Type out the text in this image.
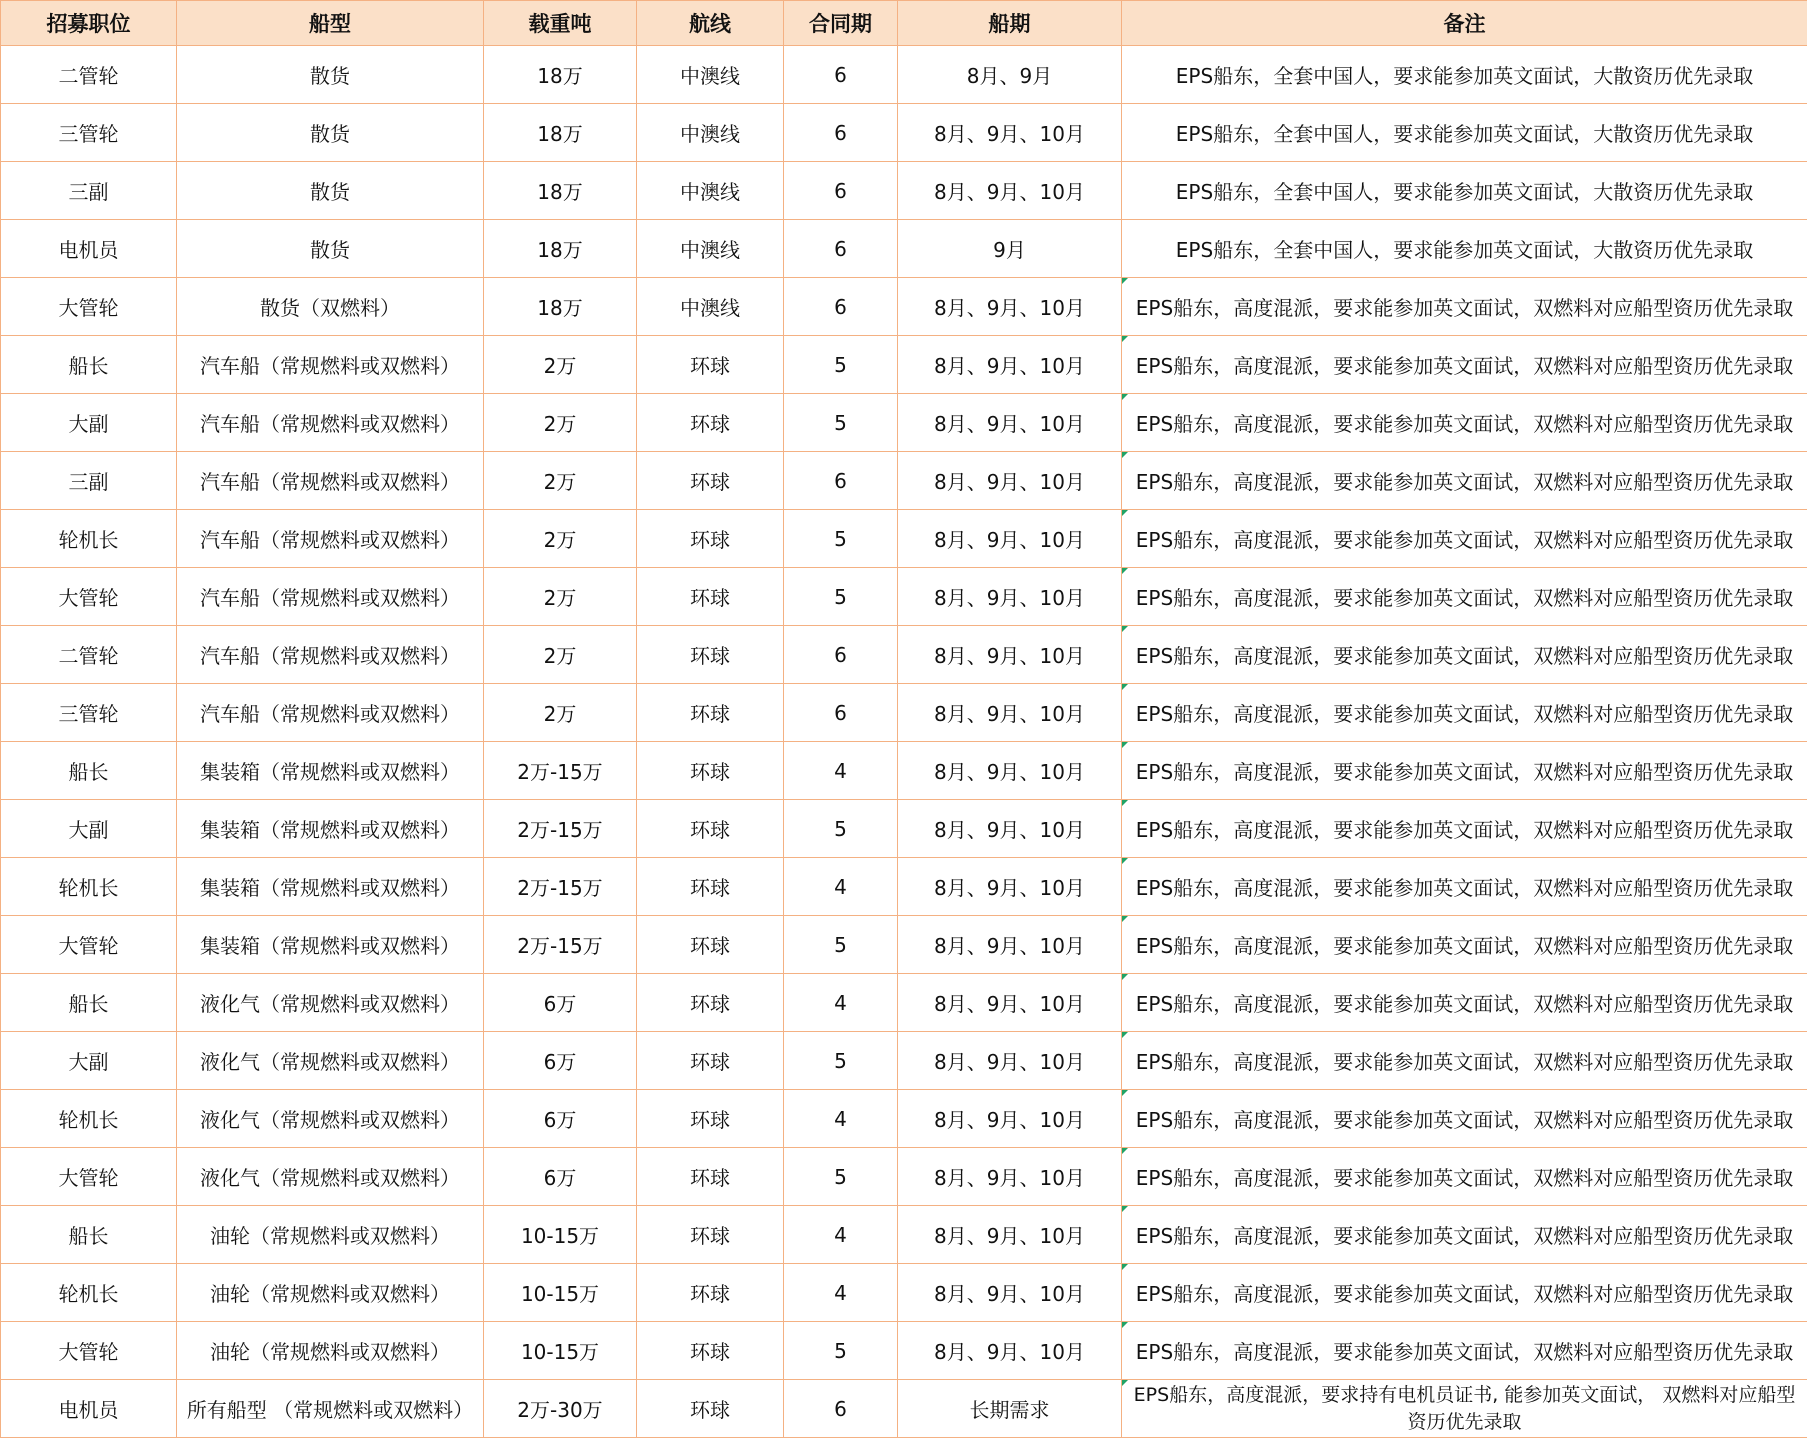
招募职位	船型	载重吨	航线	合同期	船期	备注
二管轮	散货	18万	中澳线	6	8月、9月	EPS船东，全套中国人，要求能参加英文面试，大散资历优先录取
三管轮	散货	18万	中澳线	6	8月、9月、10月	EPS船东，全套中国人，要求能参加英文面试，大散资历优先录取
三副	散货	18万	中澳线	6	8月、9月、10月	EPS船东，全套中国人，要求能参加英文面试，大散资历优先录取
电机员	散货	18万	中澳线	6	9月	EPS船东，全套中国人，要求能参加英文面试，大散资历优先录取
大管轮	散货（双燃料）	18万	中澳线	6	8月、9月、10月	EPS船东，高度混派，要求能参加英文面试，双燃料对应船型资历优先录取
船长	汽车船（常规燃料或双燃料）	2万	环球	5	8月、9月、10月	EPS船东，高度混派，要求能参加英文面试，双燃料对应船型资历优先录取
大副	汽车船（常规燃料或双燃料）	2万	环球	5	8月、9月、10月	EPS船东，高度混派，要求能参加英文面试，双燃料对应船型资历优先录取
三副	汽车船（常规燃料或双燃料）	2万	环球	6	8月、9月、10月	EPS船东，高度混派，要求能参加英文面试，双燃料对应船型资历优先录取
轮机长	汽车船（常规燃料或双燃料）	2万	环球	5	8月、9月、10月	EPS船东，高度混派，要求能参加英文面试，双燃料对应船型资历优先录取
大管轮	汽车船（常规燃料或双燃料）	2万	环球	5	8月、9月、10月	EPS船东，高度混派，要求能参加英文面试，双燃料对应船型资历优先录取
二管轮	汽车船（常规燃料或双燃料）	2万	环球	6	8月、9月、10月	EPS船东，高度混派，要求能参加英文面试，双燃料对应船型资历优先录取
三管轮	汽车船（常规燃料或双燃料）	2万	环球	6	8月、9月、10月	EPS船东，高度混派，要求能参加英文面试，双燃料对应船型资历优先录取
船长	集装箱（常规燃料或双燃料）	2万-15万	环球	4	8月、9月、10月	EPS船东，高度混派，要求能参加英文面试，双燃料对应船型资历优先录取
大副	集装箱（常规燃料或双燃料）	2万-15万	环球	5	8月、9月、10月	EPS船东，高度混派，要求能参加英文面试，双燃料对应船型资历优先录取
轮机长	集装箱（常规燃料或双燃料）	2万-15万	环球	4	8月、9月、10月	EPS船东，高度混派，要求能参加英文面试，双燃料对应船型资历优先录取
大管轮	集装箱（常规燃料或双燃料）	2万-15万	环球	5	8月、9月、10月	EPS船东，高度混派，要求能参加英文面试，双燃料对应船型资历优先录取
船长	液化气（常规燃料或双燃料）	6万	环球	4	8月、9月、10月	EPS船东，高度混派，要求能参加英文面试，双燃料对应船型资历优先录取
大副	液化气（常规燃料或双燃料）	6万	环球	5	8月、9月、10月	EPS船东，高度混派，要求能参加英文面试，双燃料对应船型资历优先录取
轮机长	液化气（常规燃料或双燃料）	6万	环球	4	8月、9月、10月	EPS船东，高度混派，要求能参加英文面试，双燃料对应船型资历优先录取
大管轮	液化气（常规燃料或双燃料）	6万	环球	5	8月、9月、10月	EPS船东，高度混派，要求能参加英文面试，双燃料对应船型资历优先录取
船长	油轮（常规燃料或双燃料）	10-15万	环球	4	8月、9月、10月	EPS船东，高度混派，要求能参加英文面试，双燃料对应船型资历优先录取
轮机长	油轮（常规燃料或双燃料）	10-15万	环球	4	8月、9月、10月	EPS船东，高度混派，要求能参加英文面试，双燃料对应船型资历优先录取
大管轮	油轮（常规燃料或双燃料）	10-15万	环球	5	8月、9月、10月	EPS船东，高度混派，要求能参加英文面试，双燃料对应船型资历优先录取
电机员	所有船型 （常规燃料或双燃料）	2万-30万	环球	6	长期需求	EPS船东，高度混派，要求持有电机员证书, 能参加英文面试， 双燃料对应船型资历优先录取
